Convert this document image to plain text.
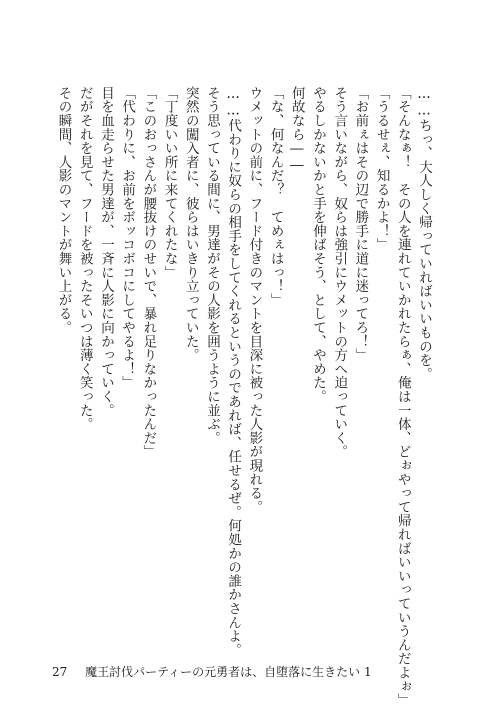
……ちっ、大人しく帰っていればいいものを。

「そんなぁ！　その人を連れていかれたらぁ、俺は一体、どぉやって帰ればいいっていうんだよぉ」

「うるせぇ、知るかよ！」

「お前ぇはその辺で勝手に道に迷ってろ！」

そう言いながら、奴らは強引にウメットの方へ迫っていく。

やるしかないかと手を伸ばそう、として、やめた。

何故なら――

「な、何なんだ？　てめぇはっ！」

ウメットの前に、フード付きのマントを目深に被った人影が現れる。

……代わりに奴らの相手をしてくれるというのであれば、任せるぜ。何処かの誰かさんよ。

そう思っている間に、男達がその人影を囲うように並ぶ。

突然の闖入者に、彼らはいきり立っていた。

「丁度いい所に来てくれたな」

「このおっさんが腰抜けのせいで、暴れ足りなかったんだ」

「代わりに、お前をボッコボコにしてやるよ！」

目を血走らせた男達が、一斉に人影に向かっていく。

だがそれを見て、フードを被ったそいつは薄く笑った。

その瞬間、人影のマントが舞い上がる。

27 魔王討伐パーティーの元勇者は、自堕落に生きたい 1
